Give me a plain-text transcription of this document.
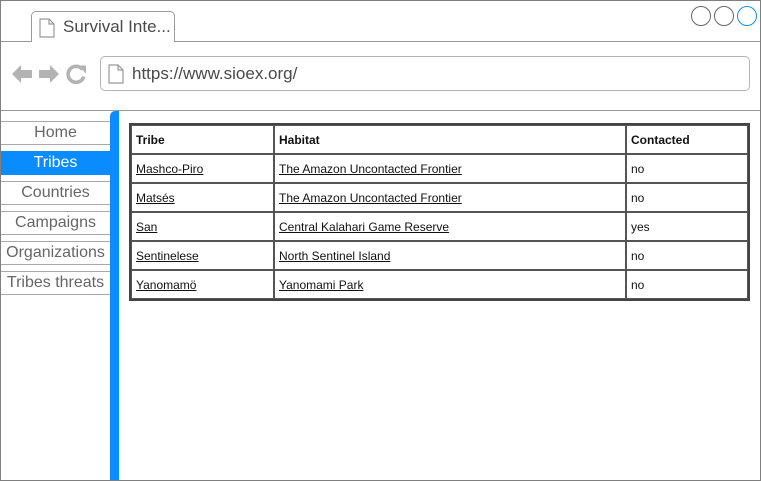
Survival Inte...
https://www.sioex.org/
Home
Tribes
Countries
Campaigns
Organizations
Tribes threats
Tribe	Habitat	Contacted
Mashco-Piro	The Amazon Uncontacted Frontier	no
Matsés	The Amazon Uncontacted Frontier	no
San	Central Kalahari Game Reserve	yes
Sentinelese	North Sentinel Island	no
Yanomamö	Yanomami Park	no
